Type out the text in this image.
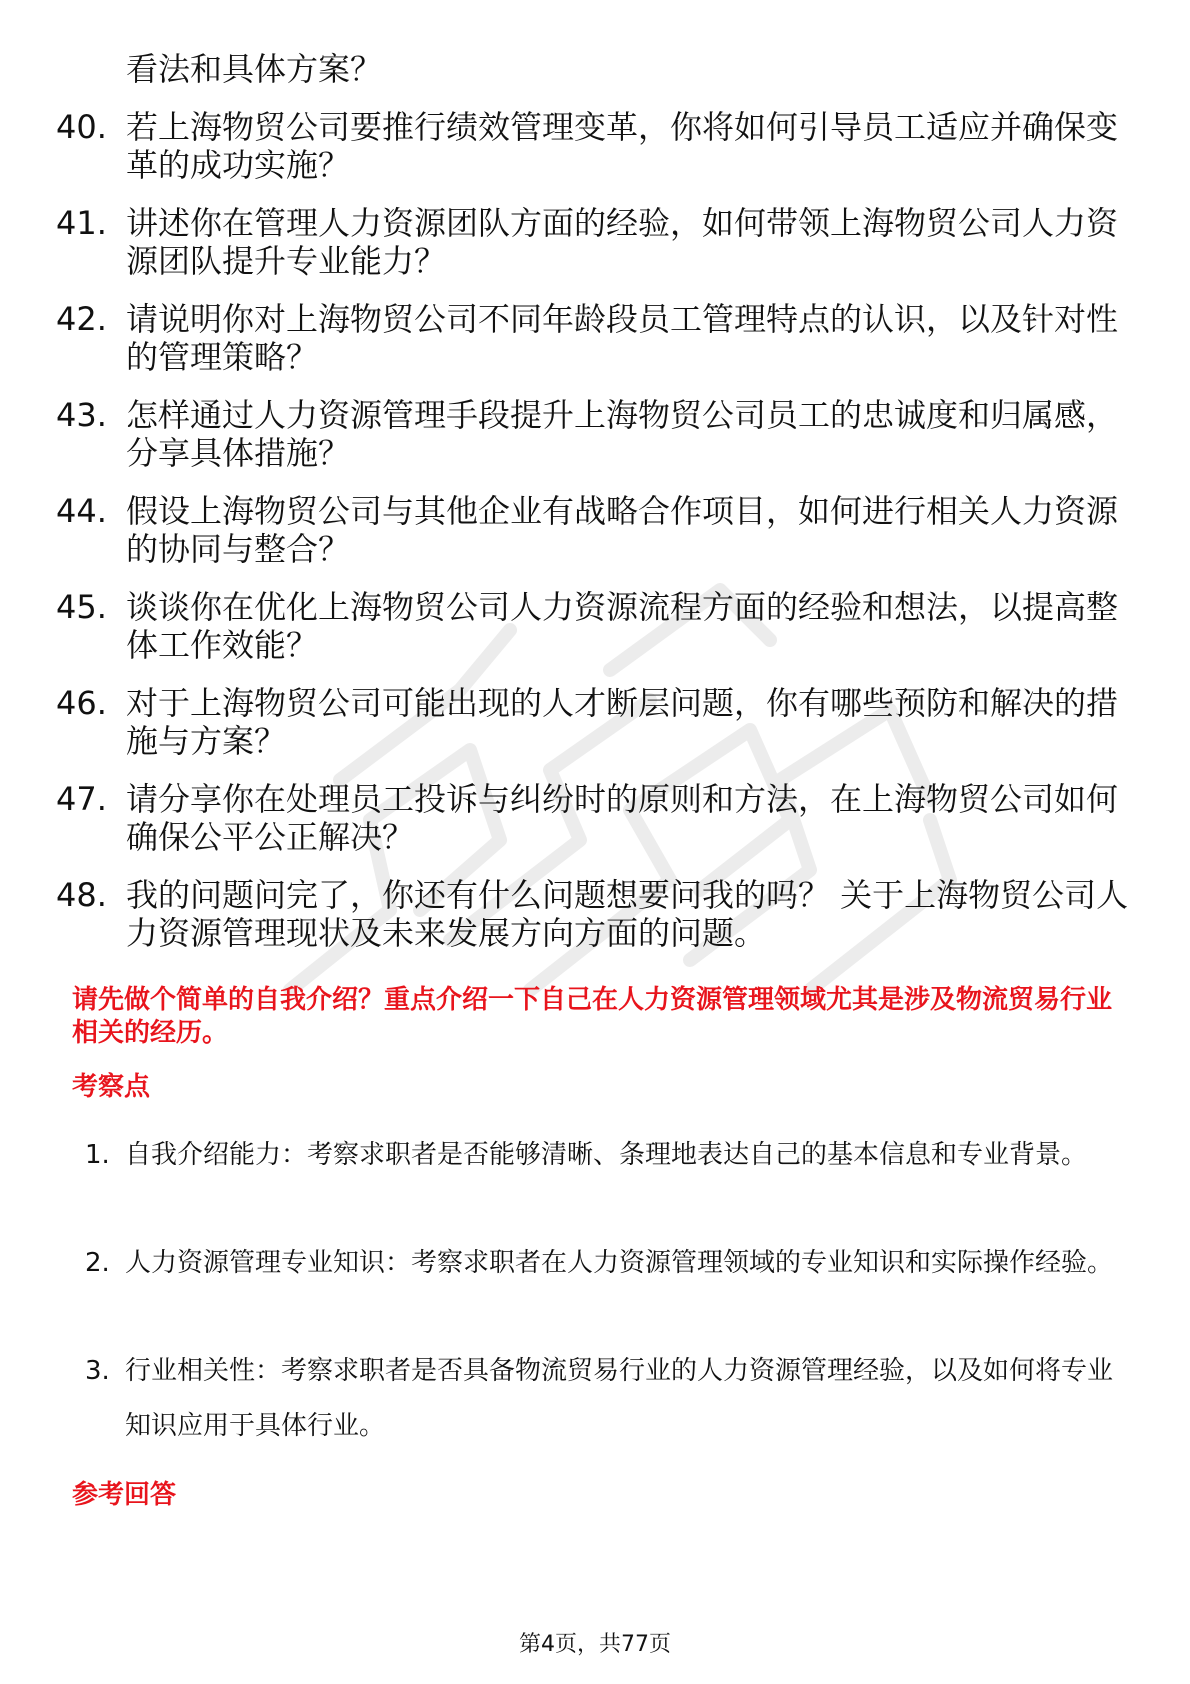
看法和具体方案？
40. 若上海物贸公司要推行绩效管理变革，你将如何引导员工适应并确保变革的成功实施？
41. 讲述你在管理人力资源团队方面的经验，如何带领上海物贸公司人力资源团队提升专业能力？
42. 请说明你对上海物贸公司不同年龄段员工管理特点的认识，以及针对性的管理策略？
43. 怎样通过人力资源管理手段提升上海物贸公司员工的忠诚度和归属感，分享具体措施？
44. 假设上海物贸公司与其他企业有战略合作项目，如何进行相关人力资源的协同与整合？
45. 谈谈你在优化上海物贸公司人力资源流程方面的经验和想法，以提高整体工作效能？
46. 对于上海物贸公司可能出现的人才断层问题，你有哪些预防和解决的措施与方案？
47. 请分享你在处理员工投诉与纠纷时的原则和方法，在上海物贸公司如何确保公平公正解决？
48. 我的问题问完了，你还有什么问题想要问我的吗？ 关于上海物贸公司人力资源管理现状及未来发展方向方面的问题。
请先做个简单的自我介绍？重点介绍一下自己在人力资源管理领域尤其是涉及物流贸易行业相关的经历。
考察点
1. 自我介绍能力：考察求职者是否能够清晰、条理地表达自己的基本信息和专业背景。
2. 人力资源管理专业知识：考察求职者在人力资源管理领域的专业知识和实际操作经验。
3. 行业相关性：考察求职者是否具备物流贸易行业的人力资源管理经验，以及如何将专业知识应用于具体行业。
参考回答
第4页，共77页
